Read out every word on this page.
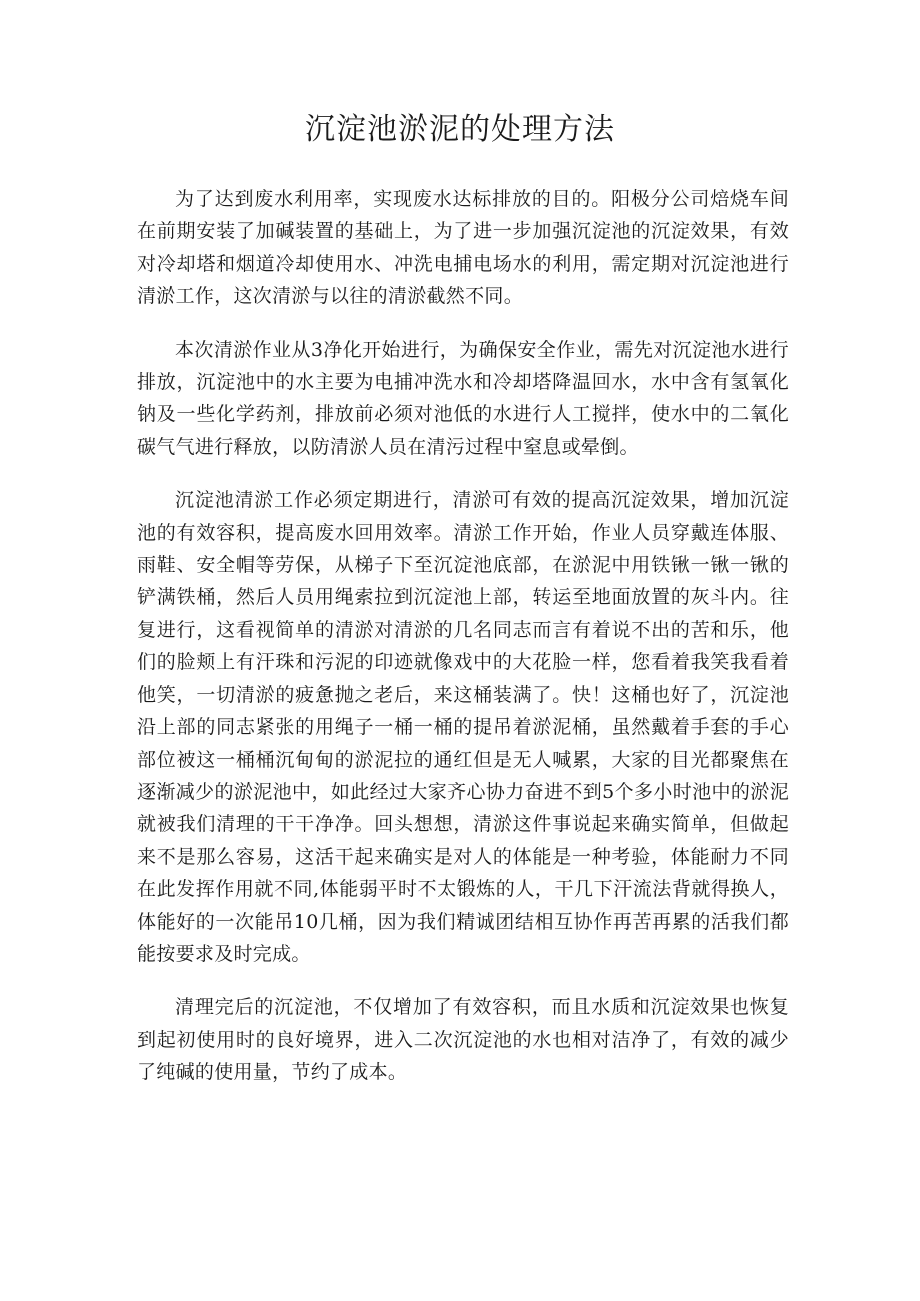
沉淀池淤泥的处理方法

为了达到废水利用率，实现废水达标排放的目的。阳极分公司焙烧车间在前期安装了加碱装置的基础上，为了进一步加强沉淀池的沉淀效果，有效对冷却塔和烟道冷却使用水、冲洗电捕电场水的利用，需定期对沉淀池进行清淤工作，这次清淤与以往的清淤截然不同。

本次清淤作业从3净化开始进行，为确保安全作业，需先对沉淀池水进行排放，沉淀池中的水主要为电捕冲洗水和冷却塔降温回水，水中含有氢氧化钠及一些化学药剂，排放前必须对池低的水进行人工搅拌，使水中的二氧化碳气气进行释放，以防清淤人员在清污过程中窒息或晕倒。

沉淀池清淤工作必须定期进行，清淤可有效的提高沉淀效果，增加沉淀池的有效容积，提高废水回用效率。清淤工作开始，作业人员穿戴连体服、雨鞋、安全帽等劳保，从梯子下至沉淀池底部，在淤泥中用铁锹一锹一锹的铲满铁桶，然后人员用绳索拉到沉淀池上部，转运至地面放置的灰斗内。往复进行，这看视简单的清淤对清淤的几名同志而言有着说不出的苦和乐，他们的脸颊上有汗珠和污泥的印迹就像戏中的大花脸一样，您看着我笑我看着他笑，一切清淤的疲惫抛之老后，来这桶装满了。快！这桶也好了，沉淀池沿上部的同志紧张的用绳子一桶一桶的提吊着淤泥桶，虽然戴着手套的手心部位被这一桶桶沉甸甸的淤泥拉的通红但是无人喊累，大家的目光都聚焦在逐渐减少的淤泥池中，如此经过大家齐心协力奋进不到5个多小时池中的淤泥就被我们清理的干干净净。回头想想，清淤这件事说起来确实简单，但做起来不是那么容易，这活干起来确实是对人的体能是一种考验，体能耐力不同在此发挥作用就不同,体能弱平时不太锻炼的人，干几下汗流法背就得换人，体能好的一次能吊10几桶，因为我们精诚团结相互协作再苦再累的活我们都能按要求及时完成。

清理完后的沉淀池，不仅增加了有效容积，而且水质和沉淀效果也恢复到起初使用时的良好境界，进入二次沉淀池的水也相对洁净了，有效的减少了纯碱的使用量，节约了成本。
